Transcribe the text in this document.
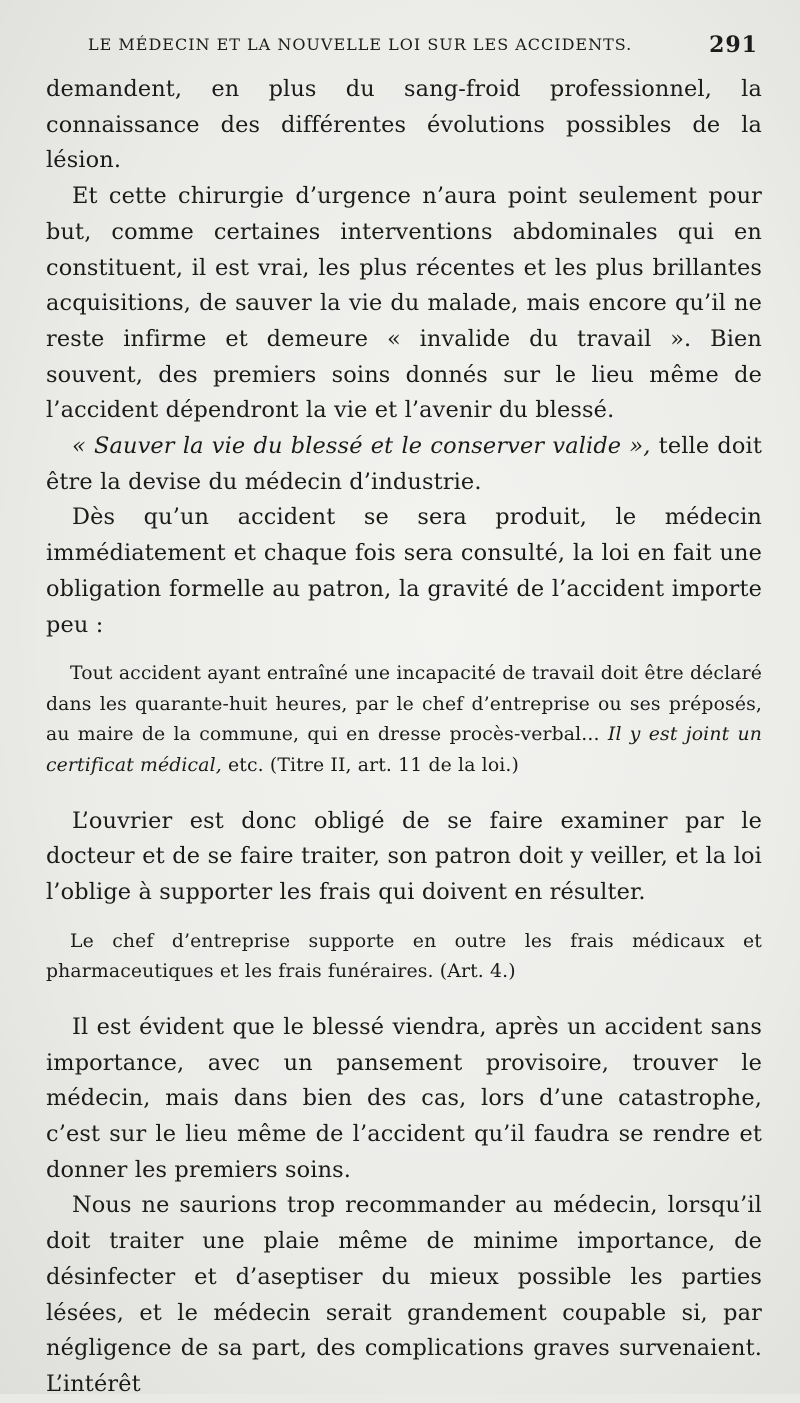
LE MÉDECIN ET LA NOUVELLE LOI SUR LES ACCIDENTS.	291

demandent, en plus du sang-froid professionnel, la connaissance des différentes évolutions possibles de la lésion.

Et cette chirurgie d’urgence n’aura point seulement pour but, comme certaines interventions abdominales qui en constituent, il est vrai, les plus récentes et les plus brillantes acquisitions, de sauver la vie du malade, mais encore qu’il ne reste infirme et demeure « invalide du travail ». Bien souvent, des premiers soins donnés sur le lieu même de l’accident dépendront la vie et l’avenir du blessé.

« Sauver la vie du blessé et le conserver valide », telle doit être la devise du médecin d’industrie.

Dès qu’un accident se sera produit, le médecin immédiatement et chaque fois sera consulté, la loi en fait une obligation formelle au patron, la gravité de l’accident importe peu :

Tout accident ayant entraîné une incapacité de travail doit être déclaré dans les quarante-huit heures, par le chef d’entreprise ou ses préposés, au maire de la commune, qui en dresse procès-verbal... Il y est joint un certificat médical, etc. (Titre II, art. 11 de la loi.)

L’ouvrier est donc obligé de se faire examiner par le docteur et de se faire traiter, son patron doit y veiller, et la loi l’oblige à supporter les frais qui doivent en résulter.

Le chef d’entreprise supporte en outre les frais médicaux et pharmaceutiques et les frais funéraires. (Art. 4.)

Il est évident que le blessé viendra, après un accident sans importance, avec un pansement provisoire, trouver le médecin, mais dans bien des cas, lors d’une catastrophe, c’est sur le lieu même de l’accident qu’il faudra se rendre et donner les premiers soins.

Nous ne saurions trop recommander au médecin, lorsqu’il doit traiter une plaie même de minime importance, de désinfecter et d’aseptiser du mieux possible les parties lésées, et le médecin serait grandement coupable si, par négligence de sa part, des complications graves survenaient. L’intérêt
